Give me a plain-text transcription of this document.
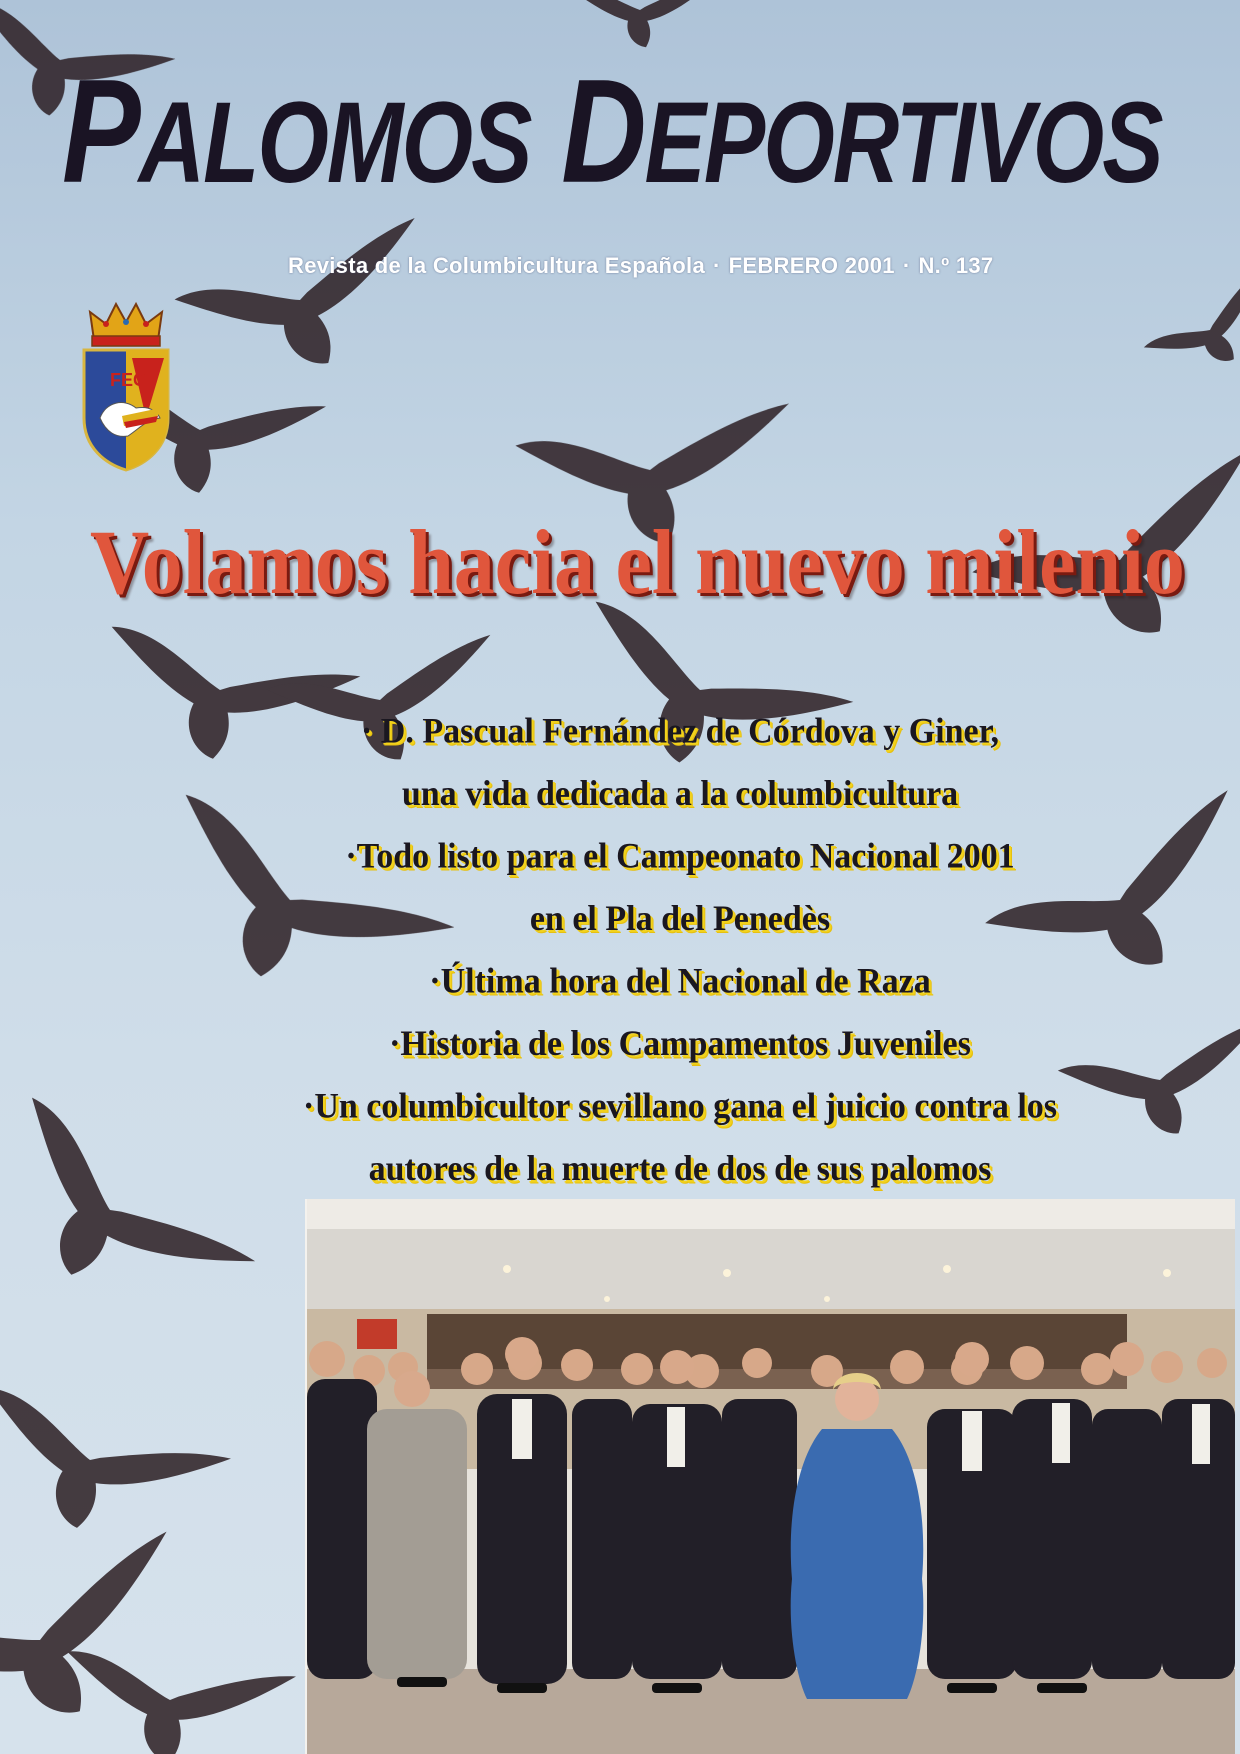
PALOMOS DEPORTIVOS
Revista de la Columbicultura Española · FEBRERO 2001 · N.º 137
FEC
Volamos hacia el nuevo milenio
· D. Pascual Fernández de Córdova y Giner,
una vida dedicada a la columbicultura
·Todo listo para el Campeonato Nacional 2001
en el Pla del Penedès
·Última hora del Nacional de Raza
·Historia de los Campamentos Juveniles
·Un columbicultor sevillano gana el juicio contra los
autores de la muerte de dos de sus palomos
